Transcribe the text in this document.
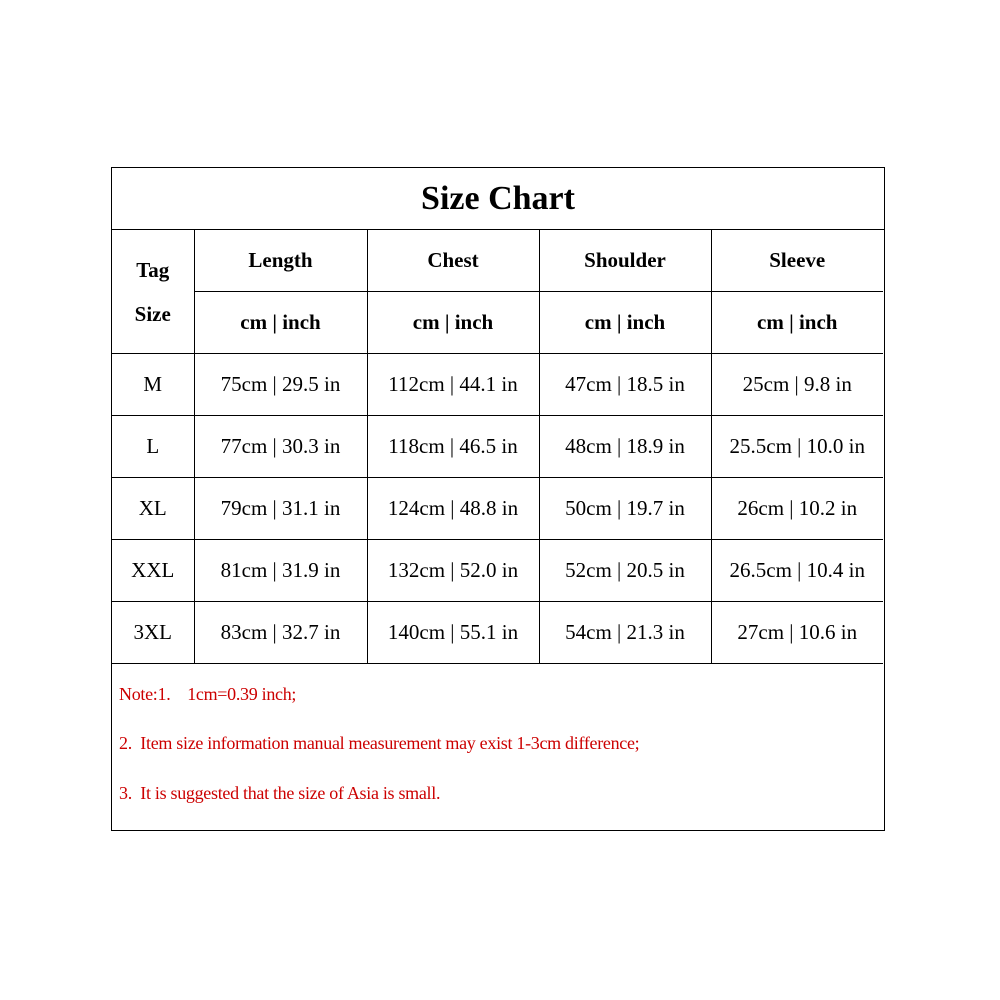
Size Chart
Tag
Size	Length	Chest	Shoulder	Sleeve
	cm | inch	cm | inch	cm | inch	cm | inch
M	75cm | 29.5 in	112cm | 44.1 in	47cm | 18.5 in	25cm | 9.8 in
L	77cm | 30.3 in	118cm | 46.5 in	48cm | 18.9 in	25.5cm | 10.0 in
XL	79cm | 31.1 in	124cm | 48.8 in	50cm | 19.7 in	26cm | 10.2 in
XXL	81cm | 31.9 in	132cm | 52.0 in	52cm | 20.5 in	26.5cm | 10.4 in
3XL	83cm | 32.7 in	140cm | 55.1 in	54cm | 21.3 in	27cm | 10.6 in
Note:1.    1cm=0.39 inch;
2.  Item size information manual measurement may exist 1-3cm difference;
3.  It is suggested that the size of Asia is small.
